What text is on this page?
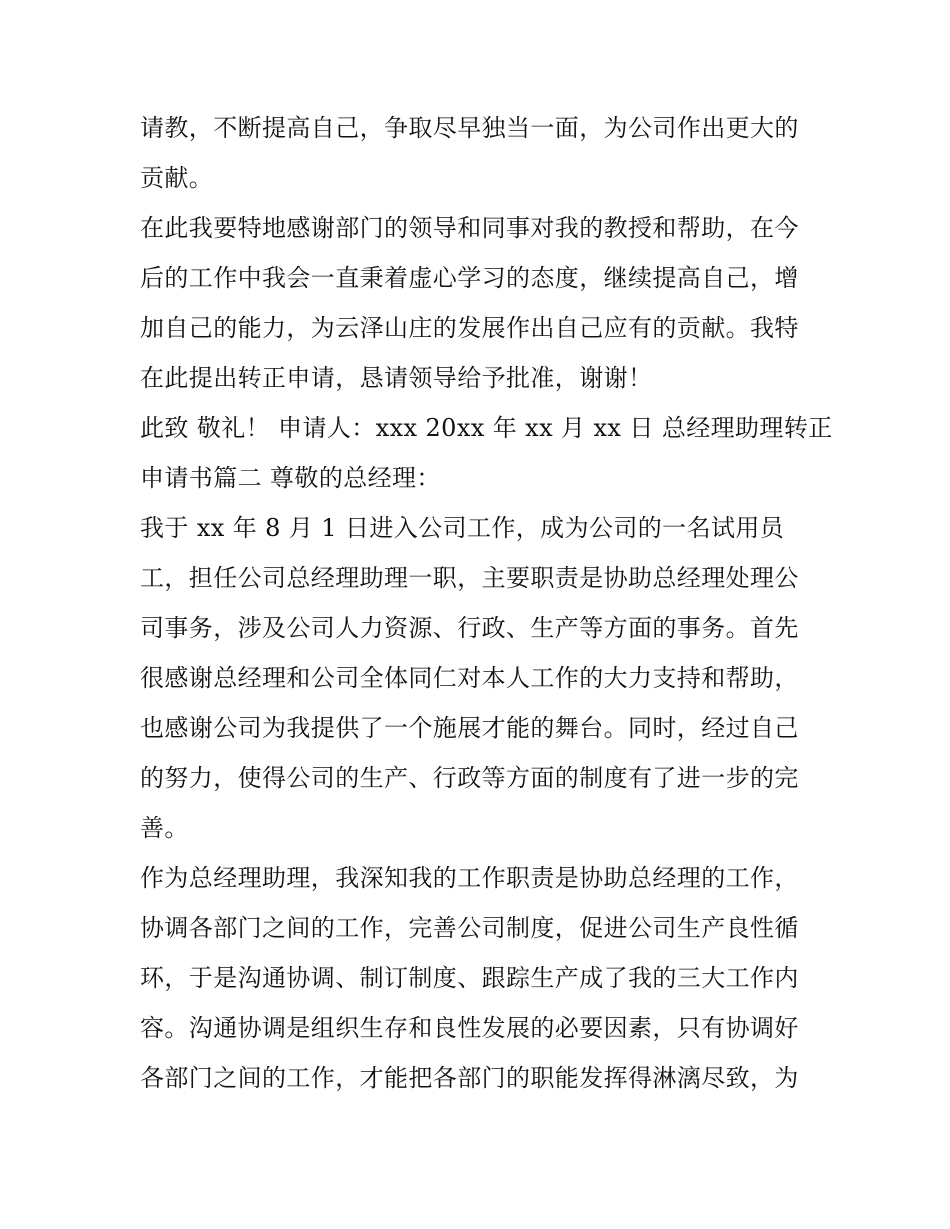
请教，不断提高自己，争取尽早独当一面，为公司作出更大的
贡献。
在此我要特地感谢部门的领导和同事对我的教授和帮助，在今
后的工作中我会一直秉着虚心学习的态度，继续提高自己，增
加自己的能力，为云泽山庄的发展作出自己应有的贡献。我特
在此提出转正申请，恳请领导给予批准，谢谢！
此致 敬礼！ 申请人：xxx 20xx 年 xx 月 xx 日 总经理助理转正
申请书篇二 尊敬的总经理：
我于 xx 年 8 月 1 日进入公司工作，成为公司的一名试用员
工，担任公司总经理助理一职，主要职责是协助总经理处理公
司事务，涉及公司人力资源、行政、生产等方面的事务。首先
很感谢总经理和公司全体同仁对本人工作的大力支持和帮助，
也感谢公司为我提供了一个施展才能的舞台。同时，经过自己
的努力，使得公司的生产、行政等方面的制度有了进一步的完
善。
作为总经理助理，我深知我的工作职责是协助总经理的工作，
协调各部门之间的工作，完善公司制度，促进公司生产良性循
环，于是沟通协调、制订制度、跟踪生产成了我的三大工作内
容。沟通协调是组织生存和良性发展的必要因素，只有协调好
各部门之间的工作，才能把各部门的职能发挥得淋漓尽致，为
